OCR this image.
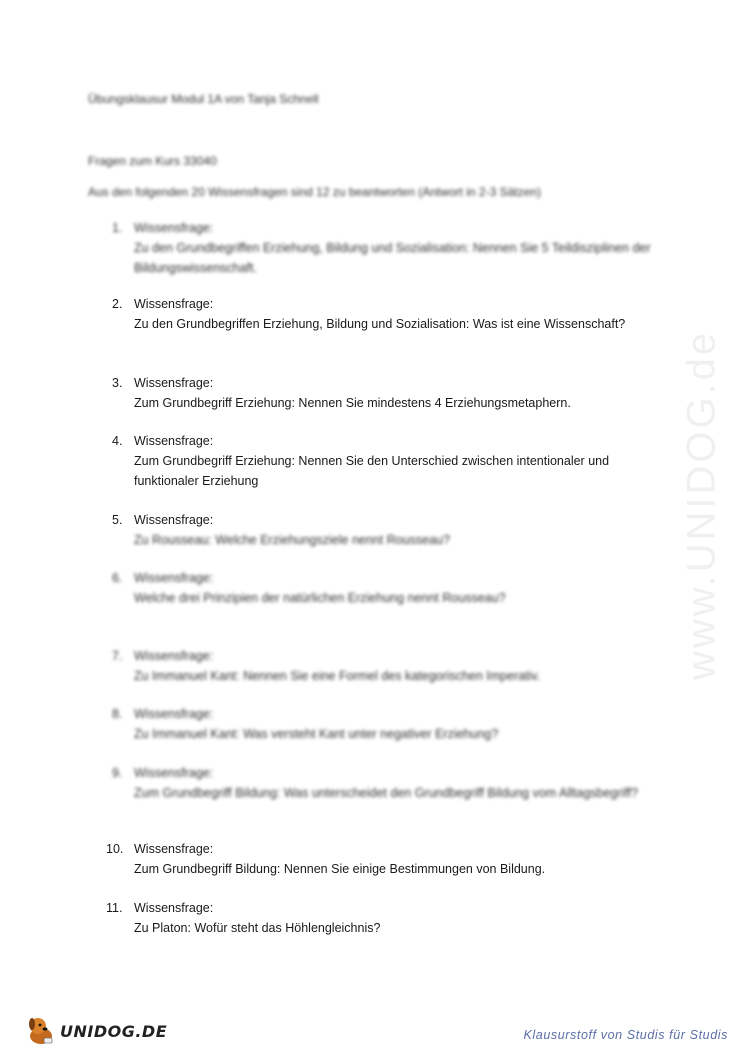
Übungsklausur Modul 1A von Tanja Schnell
Fragen zum Kurs 33040
Aus den folgenden 20 Wissensfragen sind 12 zu beantworten (Antwort in 2-3 Sätzen)
1. Wissensfrage:
Zu den Grundbegriffen Erziehung, Bildung und Sozialisation: Nennen Sie 5 Teildisziplinen der Bildungswissenschaft.
2. Wissensfrage:
Zu den Grundbegriffen Erziehung, Bildung und Sozialisation: Was ist eine Wissenschaft?
3. Wissensfrage:
Zum Grundbegriff Erziehung: Nennen Sie mindestens 4 Erziehungsmetaphern.
4. Wissensfrage:
Zum Grundbegriff Erziehung: Nennen Sie den Unterschied zwischen intentionaler und funktionaler Erziehung
5. Wissensfrage:
Zu Rousseau: Welche Erziehungsziele nennt Rousseau?
6. Wissensfrage:
Welche drei Prinzipien der natürlichen Erziehung nennt Rousseau?
7. Wissensfrage:
Zu Immanuel Kant: Nennen Sie eine Formel des kategorischen Imperativ.
8. Wissensfrage:
Zu Immanuel Kant: Was versteht Kant unter negativer Erziehung?
9. Wissensfrage:
Zum Grundbegriff Bildung: Was unterscheidet den Grundbegriff Bildung vom Alltagsbegriff?
10. Wissensfrage:
Zum Grundbegriff Bildung: Nennen Sie einige Bestimmungen von Bildung.
11. Wissensfrage:
Zu Platon: Wofür steht das Höhlengleichnis?
www.UNIDOG.de
UNIDOG.DE	Klausurstoff von Studis für Studis
